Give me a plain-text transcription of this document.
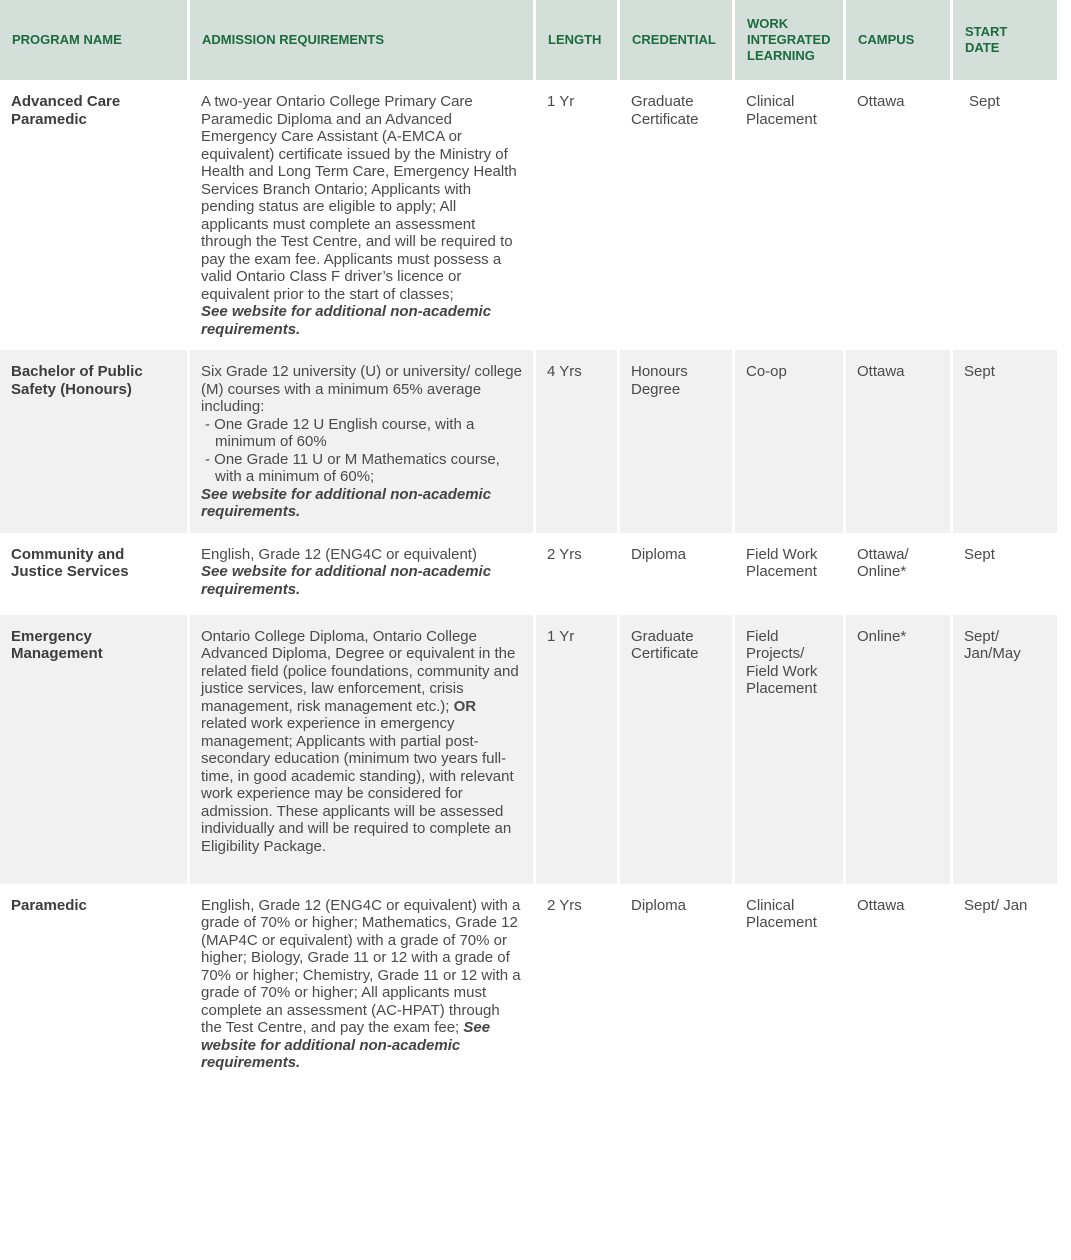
PROGRAM NAME	ADMISSION REQUIREMENTS	LENGTH	CREDENTIAL	WORK INTEGRATED LEARNING	CAMPUS	START DATE
Advanced Care Paramedic	A two-year Ontario College Primary Care Paramedic Diploma and an Advanced Emergency Care Assistant (A-EMCA or equivalent) certificate issued by the Ministry of Health and Long Term Care, Emergency Health Services Branch Ontario; Applicants with pending status are eligible to apply; All applicants must complete an assessment through the Test Centre, and will be required to pay the exam fee. Applicants must possess a valid Ontario Class F driver’s licence or equivalent prior to the start of classes;
See website for additional non-academic requirements.	1 Yr	Graduate Certificate	Clinical Placement	Ottawa	Sept
Bachelor of Public Safety (Honours)	Six Grade 12 university (U) or university/ college (M) courses with a minimum 65% average including:
- One Grade 12 U English course, with a minimum of 60%
- One Grade 11 U or M Mathematics course, with a minimum of 60%;
See website for additional non-academic requirements.	4 Yrs	Honours Degree	Co-op	Ottawa	Sept
Community and Justice Services	English, Grade 12 (ENG4C or equivalent)
See website for additional non-academic requirements.	2 Yrs	Diploma	Field Work Placement	Ottawa/ Online*	Sept
Emergency Management	Ontario College Diploma, Ontario College Advanced Diploma, Degree or equivalent in the related field (police foundations, community and justice services, law enforcement, crisis management, risk management etc.); OR related work experience in emergency management; Applicants with partial post-secondary education (minimum two years full-time, in good academic standing), with relevant work experience may be considered for admission. These applicants will be assessed individually and will be required to complete an Eligibility Package.	1 Yr	Graduate Certificate	Field Projects/ Field Work Placement	Online*	Sept/ Jan/May
Paramedic	English, Grade 12 (ENG4C or equivalent) with a grade of 70% or higher; Mathematics, Grade 12 (MAP4C or equivalent) with a grade of 70% or higher; Biology, Grade 11 or 12 with a grade of 70% or higher; Chemistry, Grade 11 or 12 with a grade of 70% or higher; All applicants must complete an assessment (AC-HPAT) through the Test Centre, and pay the exam fee; See website for additional non-academic requirements.	2 Yrs	Diploma	Clinical Placement	Ottawa	Sept/ Jan
